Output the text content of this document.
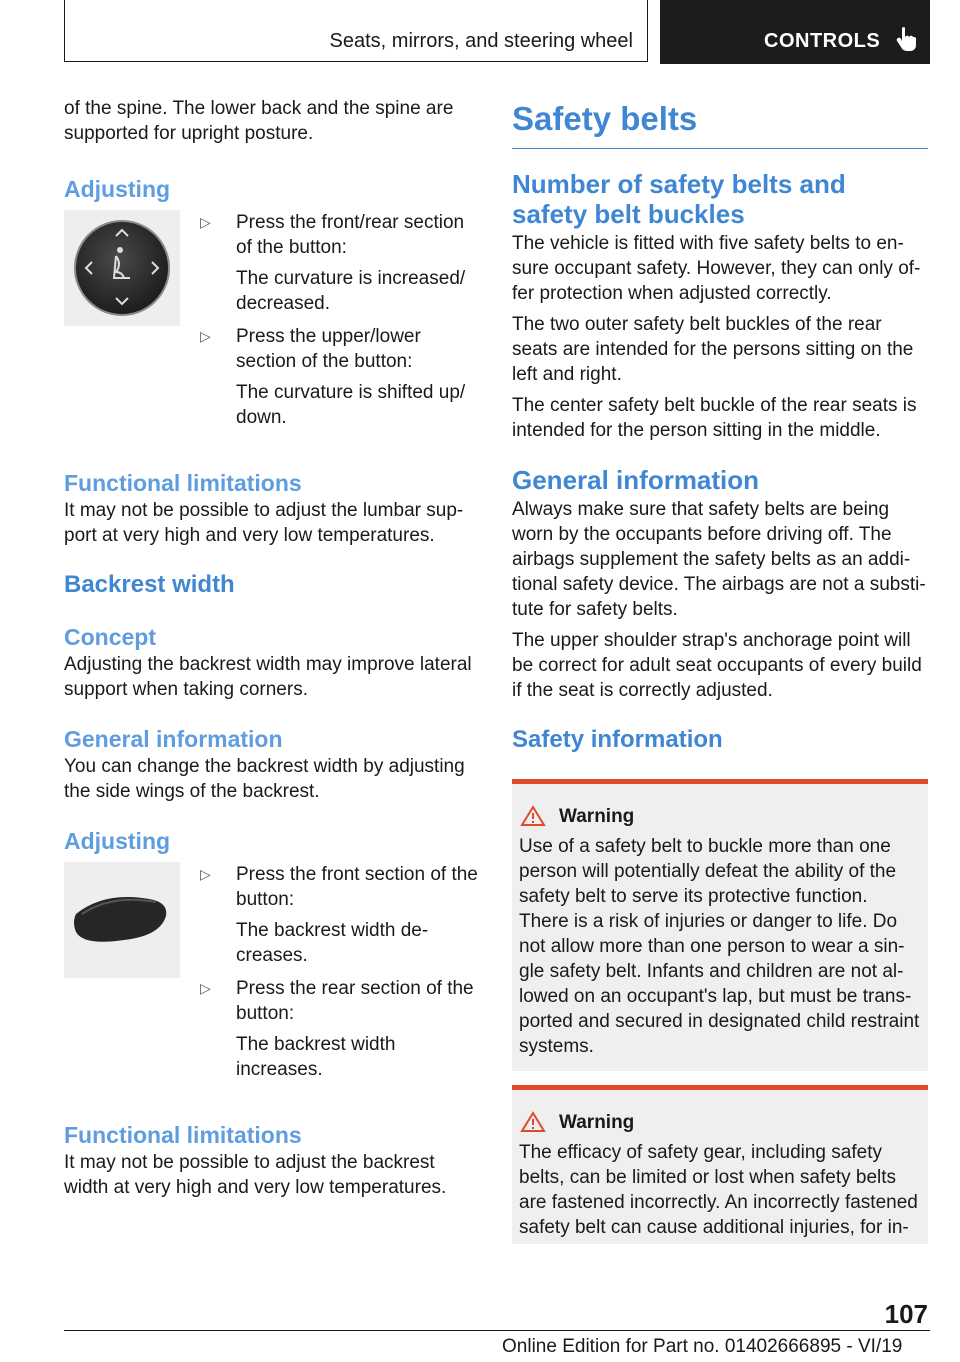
Seats, mirrors, and steering wheel	CONTROLS

of the spine. The lower back and the spine are supported for upright posture.

Adjusting
▷ Press the front/rear section of the button:

The curvature is increased/ decreased.

▷ Press the upper/lower section of the button:

The curvature is shifted up/ down.

Functional limitations

It may not be possible to adjust the lumbar sup-port at very high and very low temperatures.

Backrest width
Concept

Adjusting the backrest width may improve lateral support when taking corners.

General information

You can change the backrest width by adjusting the side wings of the backrest.

Adjusting
▷ Press the front section of the button:

The backrest width de-creases.

▷ Press the rear section of the button:

The backrest width increases.

Functional limitations

It may not be possible to adjust the backrest width at very high and very low temperatures.

Safety belts
Number of safety belts and safety belt buckles

The vehicle is fitted with five safety belts to en-sure occupant safety. However, they can only of-fer protection when adjusted correctly.

The two outer safety belt buckles of the rear seats are intended for the persons sitting on the left and right.

The center safety belt buckle of the rear seats is intended for the person sitting in the middle.

General information

Always make sure that safety belts are being worn by the occupants before driving off. The airbags supplement the safety belts as an addi-tional safety device. The airbags are not a substi-tute for safety belts.

The upper shoulder strap's anchorage point will be correct for adult seat occupants of every build if the seat is correctly adjusted.

Safety information
Warning

Use of a safety belt to buckle more than one person will potentially defeat the ability of the safety belt to serve its protective function. There is a risk of injuries or danger to life. Do not allow more than one person to wear a sin-gle safety belt. Infants and children are not al-lowed on an occupant's lap, but must be trans-ported and secured in designated child restraint systems.

Warning

The efficacy of safety gear, including safety belts, can be limited or lost when safety belts are fastened incorrectly. An incorrectly fastened safety belt can cause additional injuries, for in-

107
Online Edition for Part no. 01402666895 - VI/19
